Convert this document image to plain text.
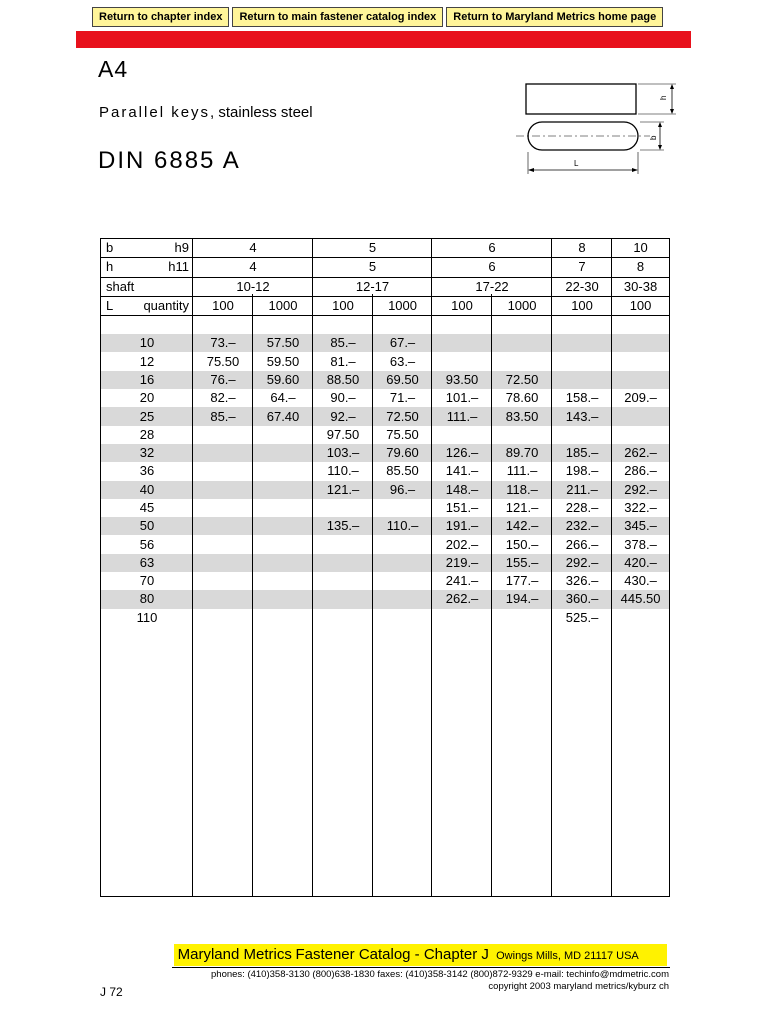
Return to chapter index	Return to main fastener catalog index	Return to Maryland Metrics home page
A4
Parallel keys, stainless steel
DIN 6885 A
h
b
L
b h9	4		5		6		8	10
h h11	4		5		6		7	8
shaft	10-12		12-17		17-22		22-30	30-38
L quantity	100	1000	100	1000	100	1000	100	100

10	73.–	57.50	85.–	67.–				
12	75.50	59.50	81.–	63.–				
16	76.–	59.60	88.50	69.50	93.50	72.50		
20	82.–	64.–	90.–	71.–	101.–	78.60	158.–	209.–
25	85.–	67.40	92.–	72.50	111.–	83.50	143.–	
28			97.50	75.50				
32			103.–	79.60	126.–	89.70	185.–	262.–
36			110.–	85.50	141.–	111.–	198.–	286.–
40			121.–	96.–	148.–	118.–	211.–	292.–
45					151.–	121.–	228.–	322.–
50			135.–	110.–	191.–	142.–	232.–	345.–
56					202.–	150.–	266.–	378.–
63					219.–	155.–	292.–	420.–
70					241.–	177.–	326.–	430.–
80					262.–	194.–	360.–	445.50
110							525.–	
Maryland Metrics Fastener Catalog - Chapter J Owings Mills, MD 21117 USA
phones: (410)358-3130 (800)638-1830 faxes: (410)358-3142 (800)872-9329 e-mail: techinfo@mdmetric.com
copyright 2003 maryland metrics/kyburz ch
J 72
